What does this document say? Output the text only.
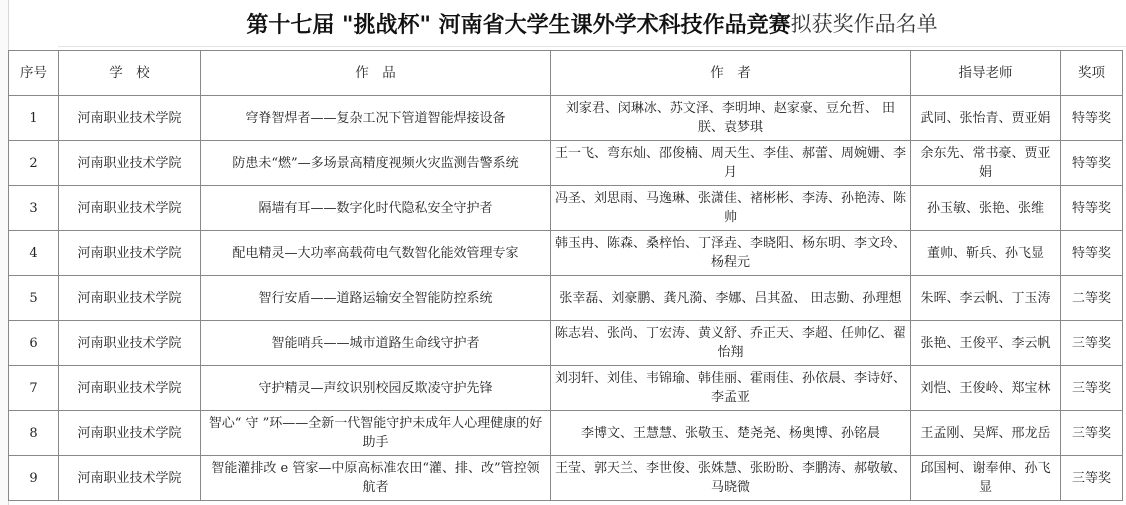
第十七届 "挑战杯" 河南省大学生课外学术科技作品竞赛 拟获奖作品名单
序号	学　校	作　品	作　者	指导老师	奖项

1	河南职业技术学院	穹脊智焊者——复杂工况下管道智能焊接设备	刘家君、闵琳冰、苏文泽、李明坤、赵家豪、豆允哲、 田朕、袁梦琪	武同、张怡青、贾亚娟	特等奖

2	河南职业技术学院	防患未“燃”—多场景高精度视频火灾监测告警系统	王一飞、弯东灿、邵俊楠、周天生、李佳、郝蕾、周婉姗、李月	余东先、常书豪、贾亚娟	特等奖

3	河南职业技术学院	隔墙有耳——数字化时代隐私安全守护者	冯圣、刘思雨、马逸琳、张潇佳、褚彬彬、李涛、孙艳涛、陈帅	孙玉敏、张艳、张维	特等奖

4	河南职业技术学院	配电精灵—大功率高载荷电气数智化能效管理专家	韩玉冉、陈森、桑梓怡、丁泽垚、李晓阳、杨东明、李文玲、杨程元	董帅、靳兵、孙飞显	特等奖

5	河南职业技术学院	智行安盾——道路运输安全智能防控系统	张幸磊、刘豪鹏、龚凡漪、李娜、吕其盈、 田志勤、孙理想	朱晖、李云帆、丁玉涛	二等奖

6	河南职业技术学院	智能哨兵——城市道路生命线守护者	陈志岩、张尚、丁宏涛、黄义舒、乔正天、李超、任帅亿、翟怡翔	张艳、王俊平、李云帆	三等奖

7	河南职业技术学院	守护精灵—声纹识别校园反欺凌守护先锋	刘羽轩、刘佳、韦锦瑜、韩佳丽、霍雨佳、孙依晨、李诗妤、李孟亚	刘恺、王俊岭、郑宝林	三等奖

8	河南职业技术学院	智心“ 守 ”环——全新一代智能守护未成年人心理健康的好助手	李博文、王慧慧、张敬玉、楚尧尧、杨奥博、孙铭晨	王孟刚、吴辉、邢龙岳	三等奖

9	河南职业技术学院	智能灌排改 e 管家—中原高标准农田“灌、排、改”管控领航者	王莹、郭天兰、李世俊、张姝慧、张盼盼、李鹏涛、郝敬敏、马晓微	邱国柯、谢奉伸、孙飞显	三等奖
